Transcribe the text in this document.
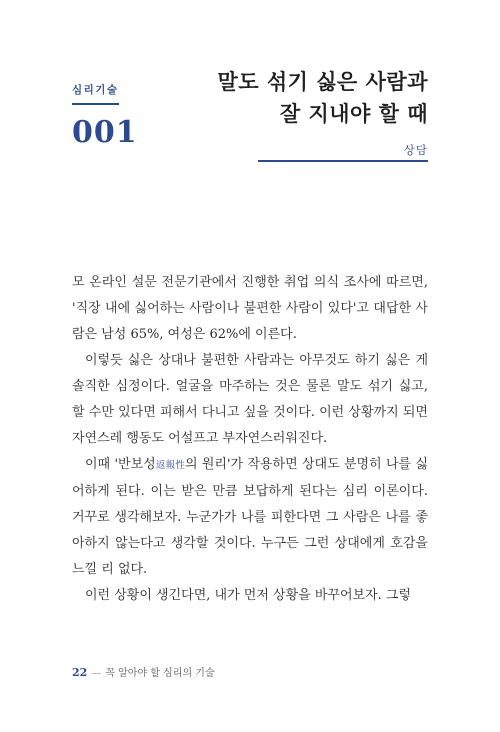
심리기술
001
말도 섞기 싫은 사람과
잘 지내야 할 때
상담

모 온라인 설문 전문기관에서 진행한 취업 의식 조사에 따르면, '직장 내에 싫어하는 사람이나 불편한 사람이 있다'고 대답한 사람은 남성 65%, 여성은 62%에 이른다.

이렇듯 싫은 상대나 불편한 사람과는 아무것도 하기 싫은 게 솔직한 심정이다. 얼굴을 마주하는 것은 물론 말도 섞기 싫고, 할 수만 있다면 피해서 다니고 싶을 것이다. 이런 상황까지 되면 자연스레 행동도 어설프고 부자연스러워진다.

이때 '반보성返報性의 원리'가 작용하면 상대도 분명히 나를 싫어하게 된다. 이는 받은 만큼 보답하게 된다는 심리 이론이다. 거꾸로 생각해보자. 누군가가 나를 피한다면 그 사람은 나를 좋아하지 않는다고 생각할 것이다. 누구든 그런 상대에게 호감을 느낄 리 없다.

이런 상황이 생긴다면, 내가 먼저 상황을 바꾸어보자. 그렇

22 — 꼭 알아야 할 심리의 기술
